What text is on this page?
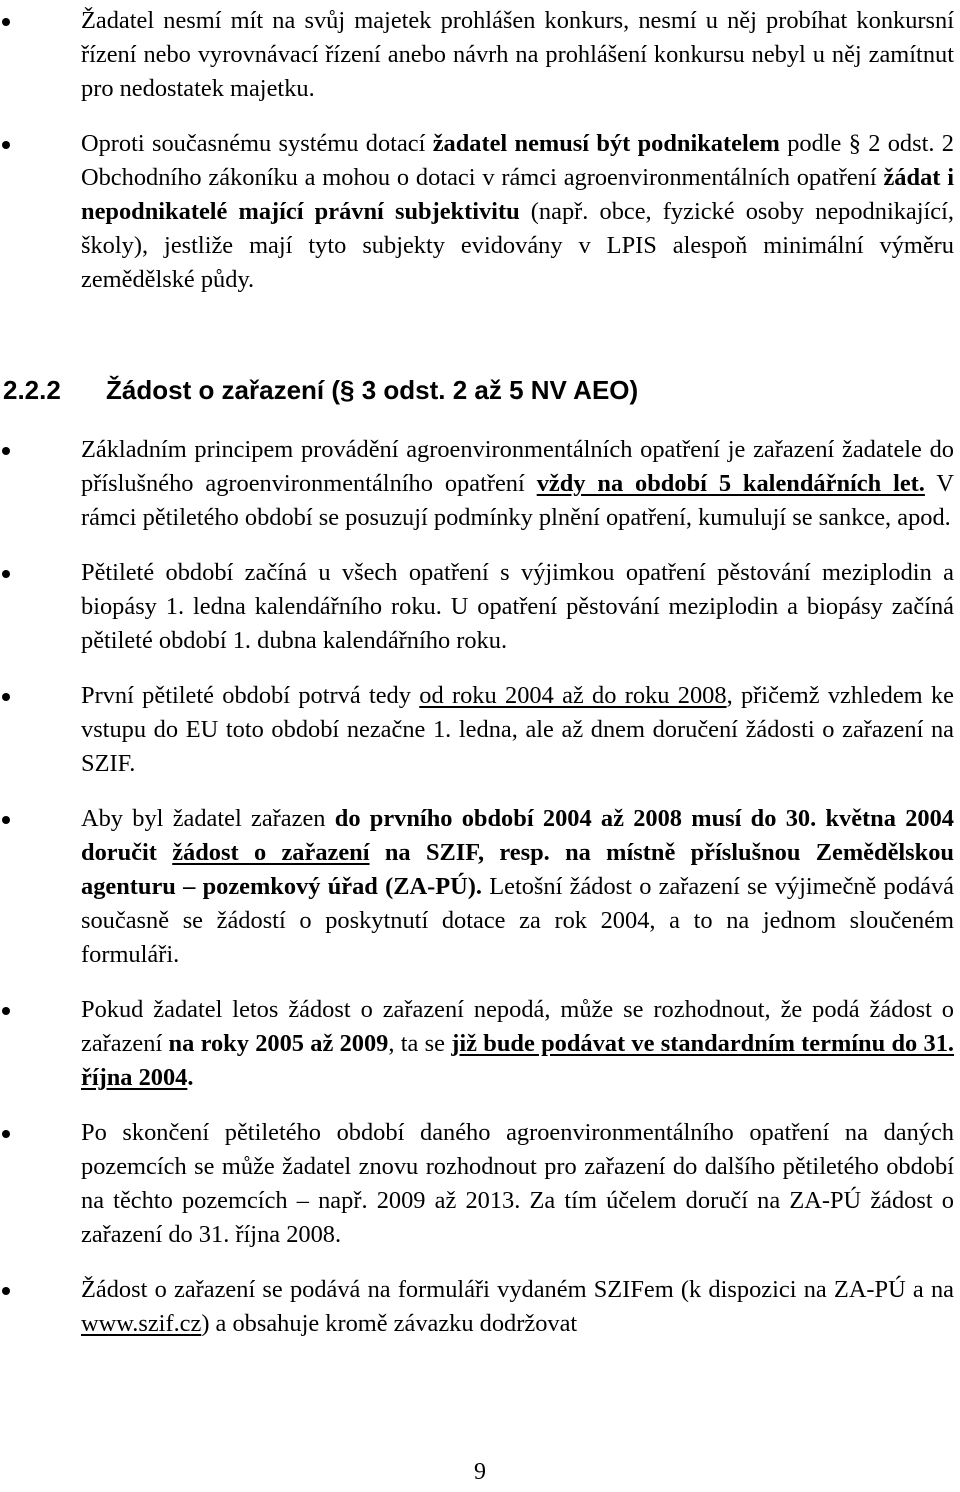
Žadatel nesmí mít na svůj majetek prohlášen konkurs, nesmí u něj probíhat konkursní řízení nebo vyrovnávací řízení anebo návrh na prohlášení konkursu nebyl u něj zamítnut pro nedostatek majetku.

Oproti současnému systému dotací žadatel nemusí být podnikatelem podle § 2 odst. 2 Obchodního zákoníku a mohou o dotaci v rámci agroenvironmentálních opatření žádat i nepodnikatelé mající právní subjektivitu (např. obce, fyzické osoby nepodnikající, školy), jestliže mají tyto subjekty evidovány v LPIS alespoň minimální výměru zemědělské půdy.

2.2.2 Žádost o zařazení (§ 3 odst. 2 až 5 NV AEO)

Základním principem provádění agroenvironmentálních opatření je zařazení žadatele do příslušného agroenvironmentálního opatření vždy na období 5 kalendářních let. V rámci pětiletého období se posuzují podmínky plnění opatření, kumulují se sankce, apod.

Pětileté období začíná u všech opatření s výjimkou opatření pěstování meziplodin a biopásy 1. ledna kalendářního roku. U opatření pěstování meziplodin a biopásy začíná pětileté období 1. dubna kalendářního roku.

První pětileté období potrvá tedy od roku 2004 až do roku 2008, přičemž vzhledem ke vstupu do EU toto období nezačne 1. ledna, ale až dnem doručení žádosti o zařazení na SZIF.

Aby byl žadatel zařazen do prvního období 2004 až 2008 musí do 30. května 2004 doručit žádost o zařazení na SZIF, resp. na místně příslušnou Zemědělskou agenturu – pozemkový úřad (ZA-PÚ). Letošní žádost o zařazení se výjimečně podává současně se žádostí o poskytnutí dotace za rok 2004, a to na jednom sloučeném formuláři.

Pokud žadatel letos žádost o zařazení nepodá, může se rozhodnout, že podá žádost o zařazení na roky 2005 až 2009, ta se již bude podávat ve standardním termínu do 31. října 2004.

Po skončení pětiletého období daného agroenvironmentálního opatření na daných pozemcích se může žadatel znovu rozhodnout pro zařazení do dalšího pětiletého období na těchto pozemcích – např. 2009 až 2013. Za tím účelem doručí na ZA-PÚ žádost o zařazení do 31. října 2008.

Žádost o zařazení se podává na formuláři vydaném SZIFem (k dispozici na ZA-PÚ a na www.szif.cz) a obsahuje kromě závazku dodržovat

9
